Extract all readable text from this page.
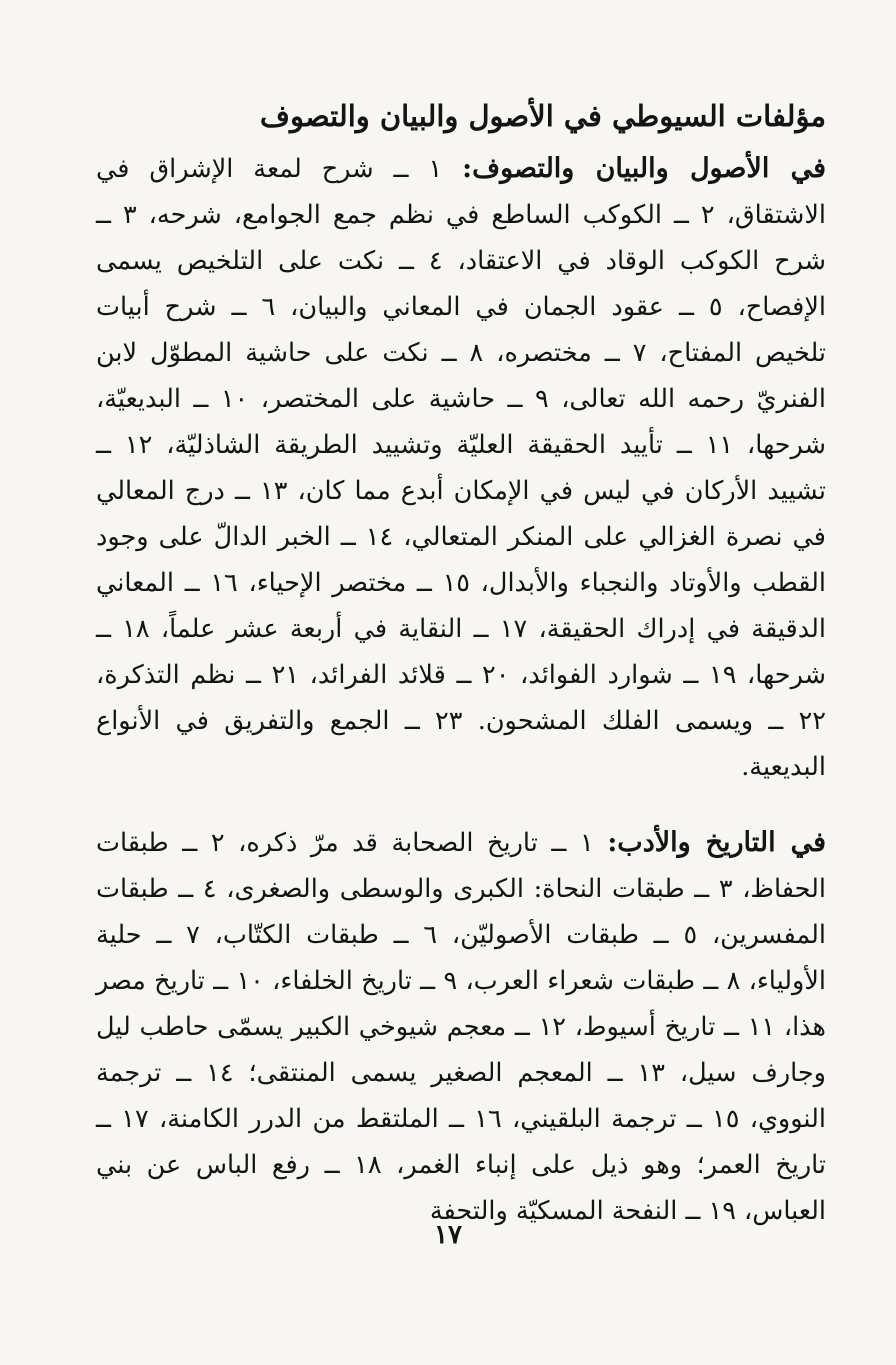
مؤلفات السيوطي في الأصول والبيان والتصوف
في الأصول والبيان والتصوف: ١ ــ شرح لمعة الإشراق في الاشتقاق، ٢ ــ الكوكب الساطع في نظم جمع الجوامع، شرحه، ٣ ــ شرح الكوكب الوقاد في الاعتقاد، ٤ ــ نكت على التلخيص يسمى الإفصاح، ٥ ــ عقود الجمان في المعاني والبيان، ٦ ــ شرح أبيات تلخيص المفتاح، ٧ ــ مختصره، ٨ ــ نكت على حاشية المطوّل لابن الفنريّ رحمه الله تعالى، ٩ ــ حاشية على المختصر، ١٠ ــ البديعيّة، شرحها، ١١ ــ تأييد الحقيقة العليّة وتشييد الطريقة الشاذليّة، ١٢ ــ تشييد الأركان في ليس في الإمكان أبدع مما كان، ١٣ ــ درج المعالي في نصرة الغزالي على المنكر المتعالي، ١٤ ــ الخبر الدالّ على وجود القطب والأوتاد والنجباء والأبدال، ١٥ ــ مختصر الإحياء، ١٦ ــ المعاني الدقيقة في إدراك الحقيقة، ١٧ ــ النقاية في أربعة عشر علماً، ١٨ ــ شرحها، ١٩ ــ شوارد الفوائد، ٢٠ ــ قلائد الفرائد، ٢١ ــ نظم التذكرة، ٢٢ ــ ويسمى الفلك المشحون. ٢٣ ــ الجمع والتفريق في الأنواع البديعية.
في التاريخ والأدب: ١ ــ تاريخ الصحابة قد مرّ ذكره، ٢ ــ طبقات الحفاظ، ٣ ــ طبقات النحاة: الكبرى والوسطى والصغرى، ٤ ــ طبقات المفسرين، ٥ ــ طبقات الأصوليّن، ٦ ــ طبقات الكتّاب، ٧ ــ حلية الأولياء، ٨ ــ طبقات شعراء العرب، ٩ ــ تاريخ الخلفاء، ١٠ ــ تاريخ مصر هذا، ١١ ــ تاريخ أسيوط، ١٢ ــ معجم شيوخي الكبير يسمّى حاطب ليل وجارف سيل، ١٣ ــ المعجم الصغير يسمى المنتقى؛ ١٤ ــ ترجمة النووي، ١٥ ــ ترجمة البلقيني، ١٦ ــ الملتقط من الدرر الكامنة، ١٧ ــ تاريخ العمر؛ وهو ذيل على إنباء الغمر، ١٨ ــ رفع الباس عن بني العباس، ١٩ ــ النفحة المسكيّة والتحفة
١٧
